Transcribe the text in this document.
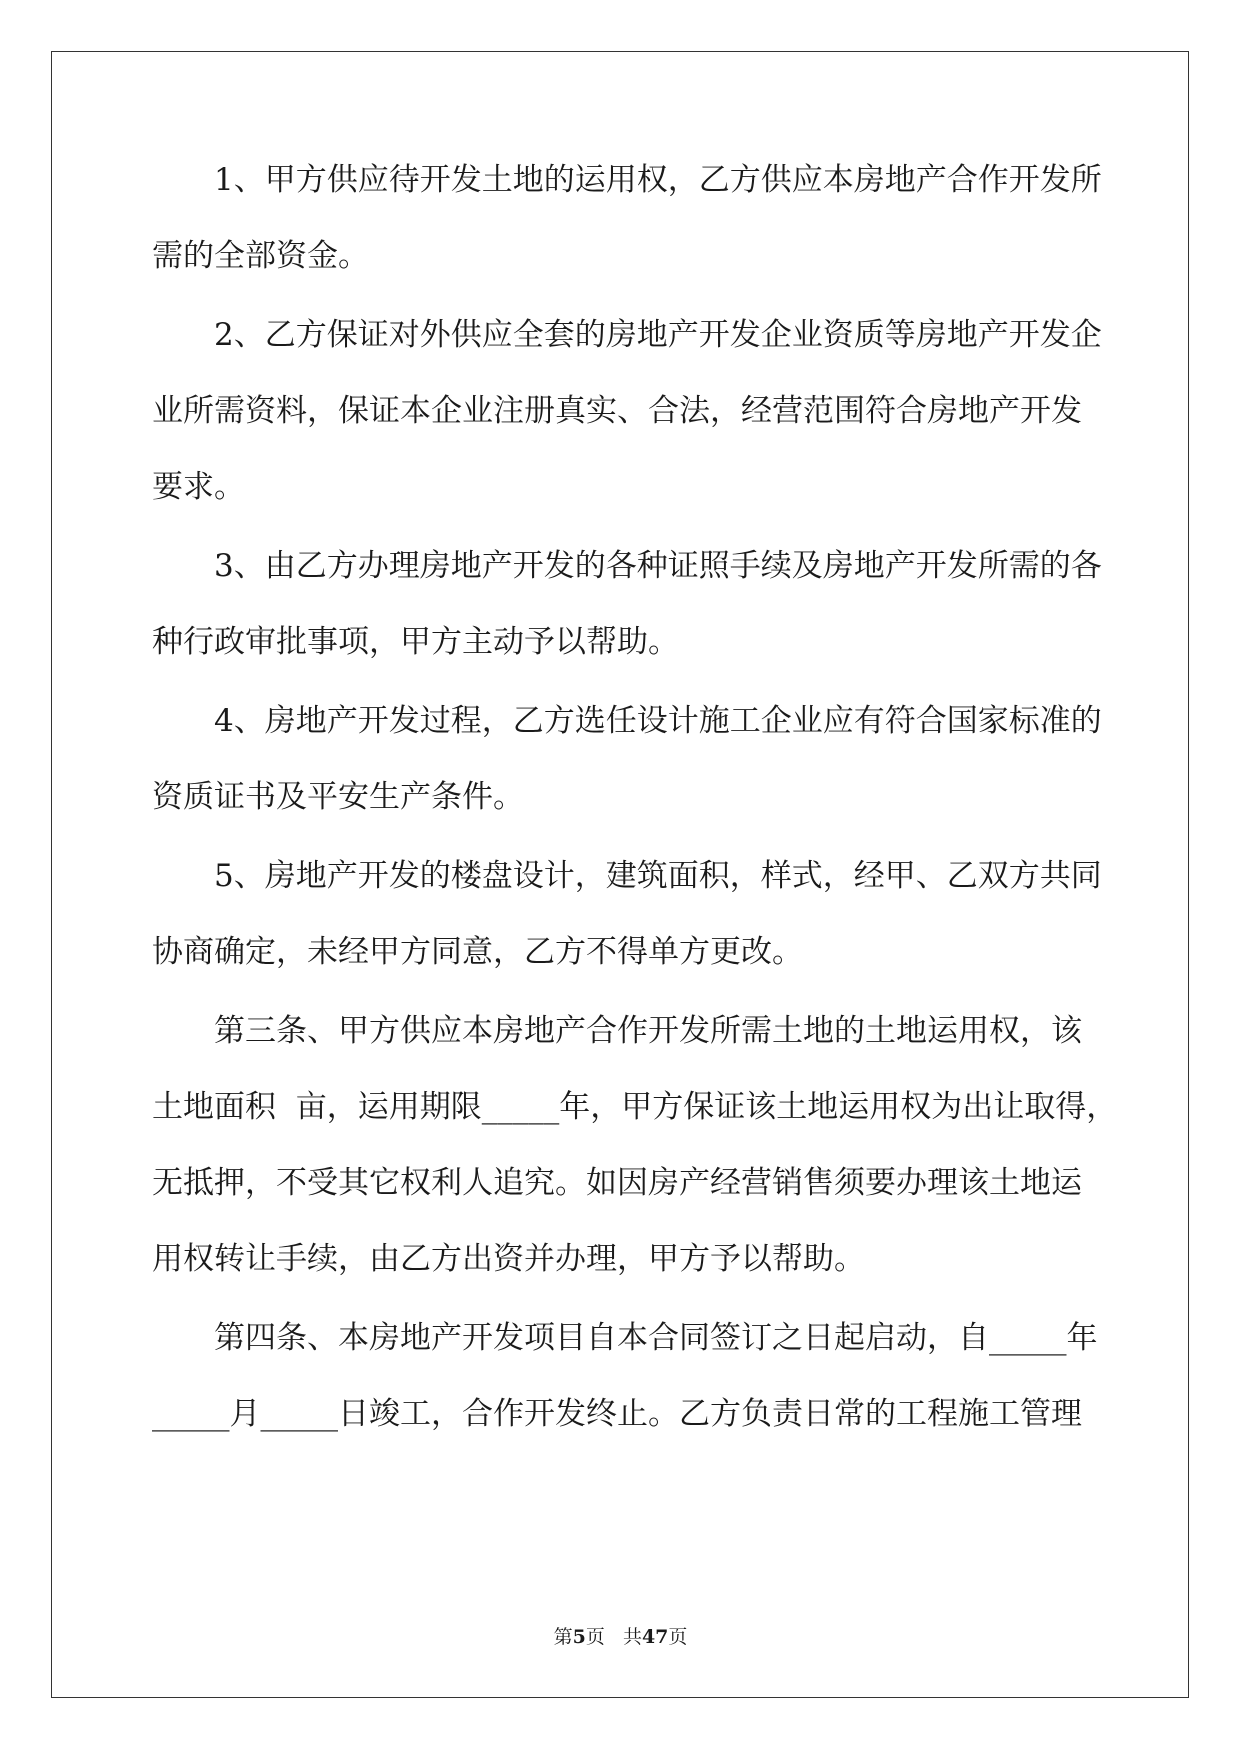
1、甲方供应待开发土地的运用权，乙方供应本房地产合作开发所
需的全部资金。
2、乙方保证对外供应全套的房地产开发企业资质等房地产开发企
业所需资料，保证本企业注册真实、合法，经营范围符合房地产开发
要求。
3、由乙方办理房地产开发的各种证照手续及房地产开发所需的各
种行政审批事项，甲方主动予以帮助。
4、房地产开发过程，乙方选任设计施工企业应有符合国家标准的
资质证书及平安生产条件。
5、房地产开发的楼盘设计，建筑面积，样式，经甲、乙双方共同
协商确定，未经甲方同意，乙方不得单方更改。
第三条、甲方供应本房地产合作开发所需土地的土地运用权，该
土地面积  亩，运用期限_____年，甲方保证该土地运用权为出让取得，
无抵押，不受其它权利人追究。如因房产经营销售须要办理该土地运
用权转让手续，由乙方出资并办理，甲方予以帮助。
第四条、本房地产开发项目自本合同签订之日起启动，自_____年
_____月_____日竣工，合作开发终止。乙方负责日常的工程施工管理
第5页   共47页
